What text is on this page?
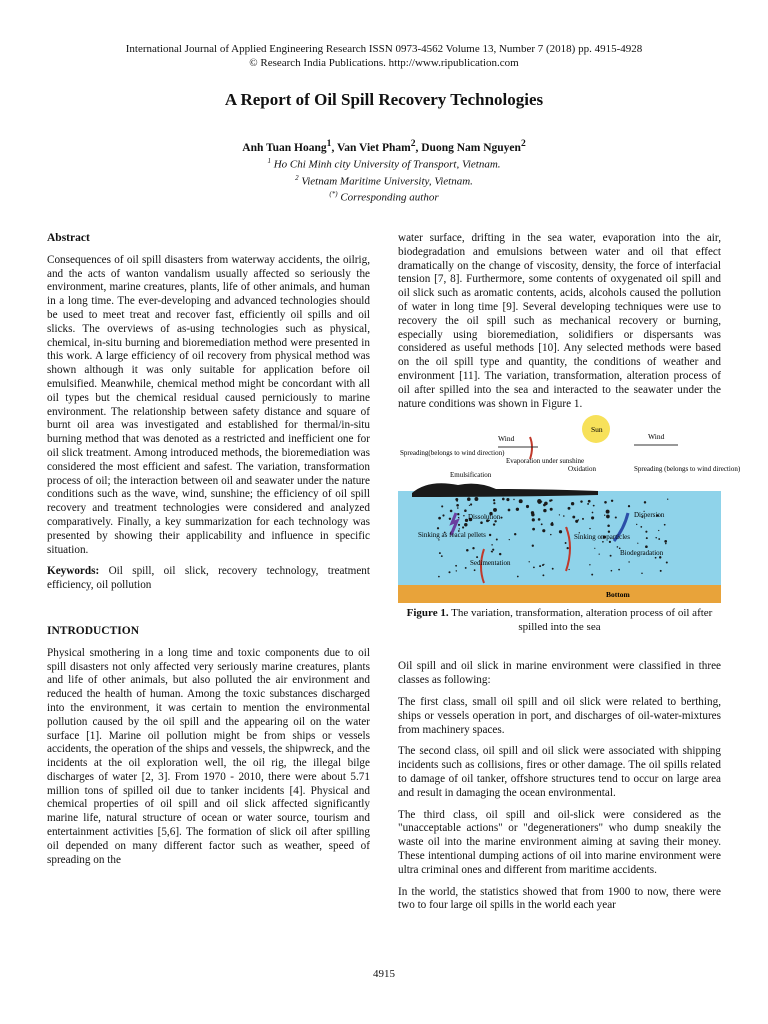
International Journal of Applied Engineering Research ISSN 0973-4562 Volume 13, Number 7 (2018) pp. 4915-4928
© Research India Publications. http://www.ripublication.com
A Report of Oil Spill Recovery Technologies
Anh Tuan Hoang$^1$, Van Viet Pham$^2$, Duong Nam Nguyen$^2$
$^1$ Ho Chi Minh city University of Transport, Vietnam.
$^2$ Vietnam Maritime University, Vietnam.
(*) Corresponding author
Abstract

Consequences of oil spill disasters from waterway accidents, the oilrig, and the acts of wanton vandalism usually affected so seriously the environment, marine creatures, plants, life of other animals, and human in a long time. The ever-developing and advanced technologies should be used to meet treat and recover fast, efficiently oil spills and oil slicks. The overviews of as-using technologies such as physical, chemical, in-situ burning and bioremediation method were presented in this work. A large efficiency of oil recovery from physical method was shown although it was only suitable for application before oil emulsified. Meanwhile, chemical method might be concordant with all oil types but the chemical residual caused perniciously to marine environment. The relationship between safety distance and square of burnt oil area was investigated and established for thermal/in-situ burning method that was denoted as a restricted and inefficient one for oil slick treatment. Among introduced methods, the bioremediation was considered the most efficient and safest. The variation, transformation process of oil; the interaction between oil and seawater under the nature conditions such as the wave, wind, sunshine; the efficiency of oil spill recovery and treatment technologies were considered and analyzed comparatively. Finally, a key summarization for each technology was presented by showing their applicability and influence in specific situation.

Keywords: Oil spill, oil slick, recovery technology, treatment efficiency, oil pollution

INTRODUCTION

Physical smothering in a long time and toxic components due to oil spill disasters not only affected very seriously marine creatures, plants and life of other animals, but also polluted the air environment and reduced the health of human. Among the toxic substances discharged into the environment, it was certain to mention the environmental pollution caused by the oil spill and the appearing oil on the water surface [1]. Marine oil pollution might be from ships or vessels accidents, the operation of the ships and vessels, the shipwreck, and the incidents at the oil exploration well, the oil rig, the illegal bilge discharges of water [2, 3]. From 1970 - 2010, there were about 5.71 million tons of spilled oil due to tanker incidents [4]. Physical and chemical properties of oil spill and oil slick affected significantly marine life, natural structure of ocean or water source, tourism and entertainment activities [5,6]. The formation of slick oil after spilling oil depended on many different factor such as weather, speed of spreading on the

water surface, drifting in the sea water, evaporation into the air, biodegradation and emulsions between water and oil that effect dramatically on the change of viscosity, density, the force of interfacial tension [7, 8]. Furthermore, some contents of oxygenated oil spill and oil slick such as aromatic contents, acids, alcohols caused the pollution of water in long time [9]. Several developing techniques were use to recovery the oil spill such as mechanical recovery or burning, especially using bioremediation, solidifiers or dispersants was considered as useful methods [10]. Any selected methods were based on the oil spill type and quantity, the conditions of weather and environment [11]. The variation, transformation, alteration process of oil after spilled into the sea and interacted to the seawater under the nature conditions was shown in Figure 1.

Wind
Sun
Wind
Spreading(belongs to wind direction)
Evaporation under sunshine
Oxidation	Spreading (belongs to wind direction)
Emulsification
Dissolution	Dispersion
Sinking as feacal pellets	Sinking on particles
Biodegradation
Sedimentation
Bottom
Figure 1. The variation, transformation, alteration process of oil after spilled into the sea

Oil spill and oil slick in marine environment were classified in three classes as following:

The first class, small oil spill and oil slick were related to berthing, ships or vessels operation in port, and discharges of oil-water-mixtures from machinery spaces.

The second class, oil spill and oil slick were associated with shipping incidents such as collisions, fires or other damage. The oil spills related to damage of oil tanker, offshore structures tend to occur on large area and result in damaging the ocean environmental.

The third class, oil spill and oil-slick were considered as the "unacceptable actions" or "degenerationers" who dump sneakily the waste oil into the marine environment aiming at saving their money. These intentional dumping actions of oil into marine environment were ultra criminal ones and different from maritime accidents.

In the world, the statistics showed that from 1900 to now, there were two to four large oil spills in the world each year

4915
